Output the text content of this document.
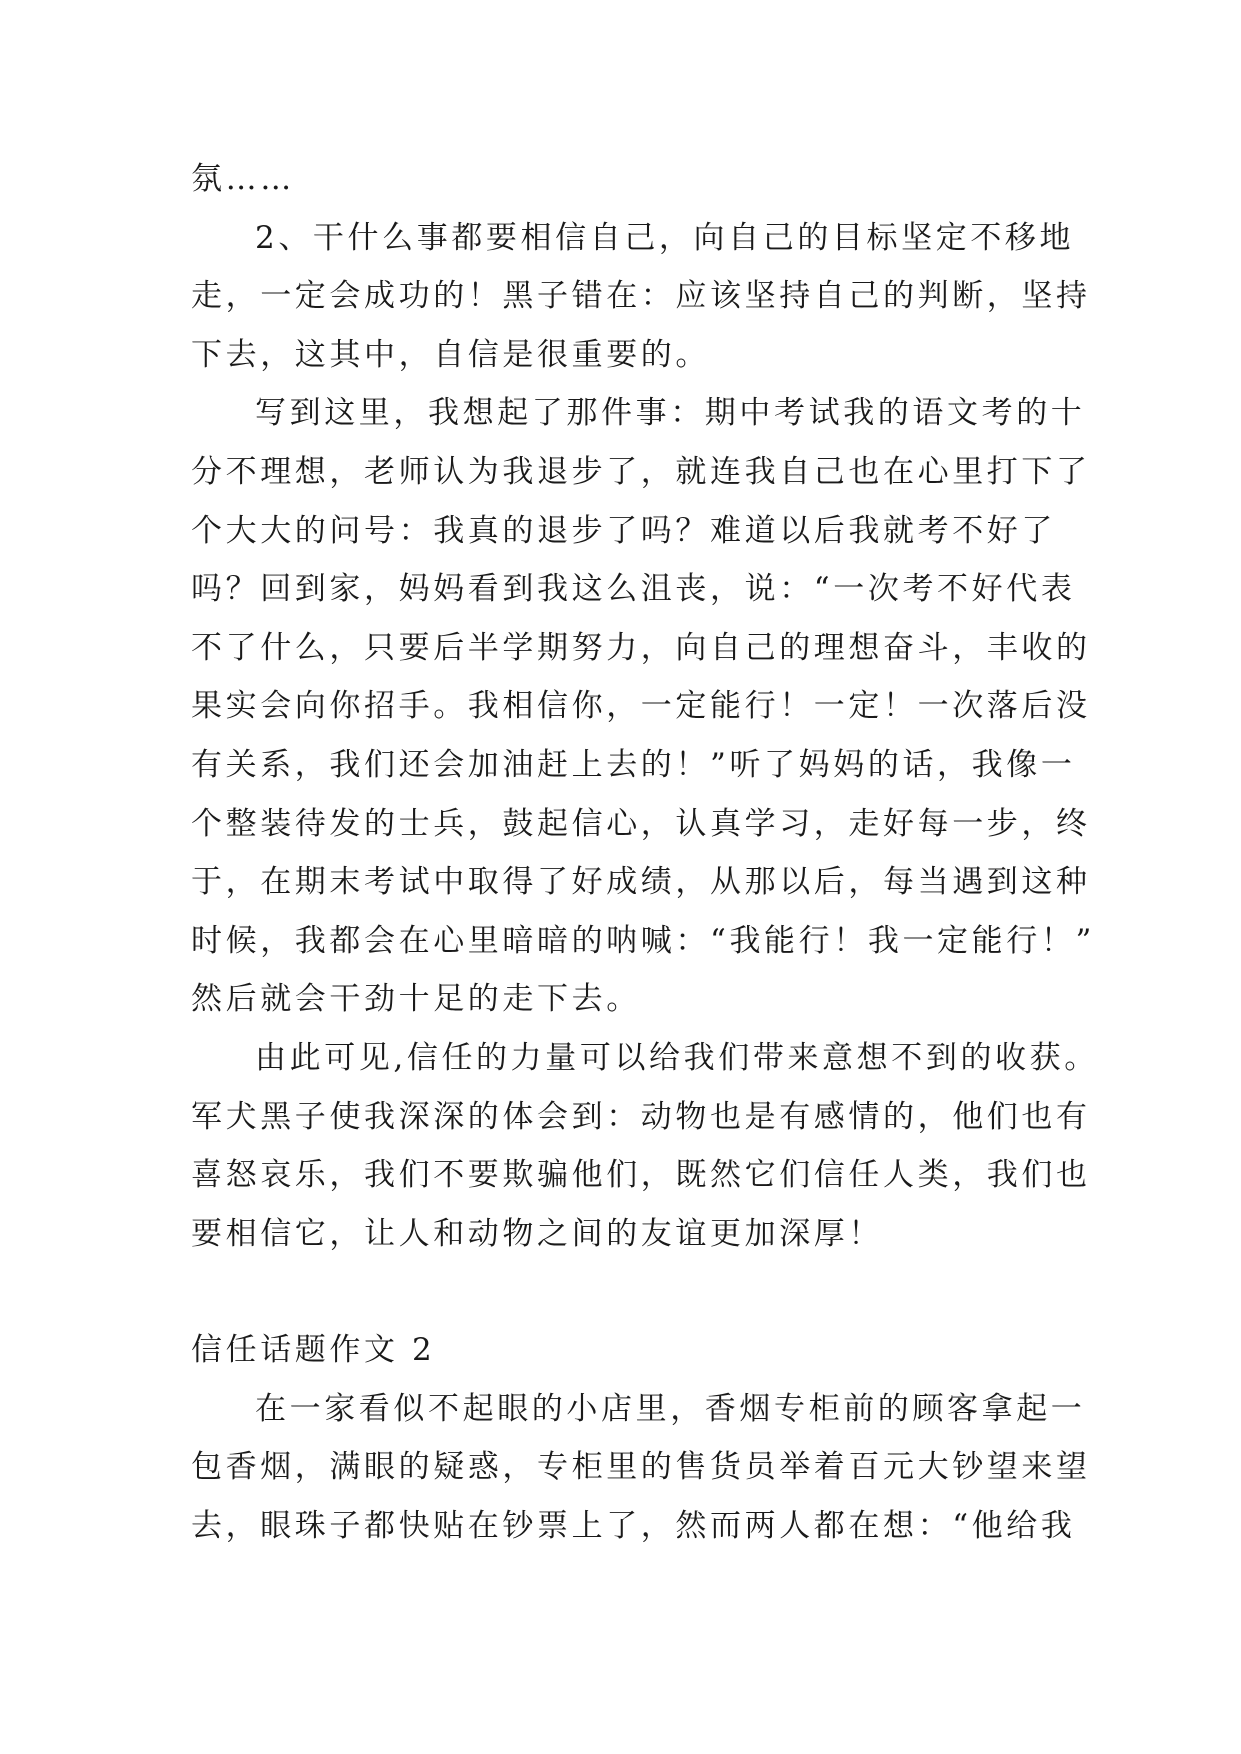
氛……
2、干什么事都要相信自己，向自己的目标坚定不移地
走，一定会成功的！黑子错在：应该坚持自己的判断，坚持
下去，这其中，自信是很重要的。
写到这里，我想起了那件事：期中考试我的语文考的十
分不理想，老师认为我退步了，就连我自己也在心里打下了
个大大的问号：我真的退步了吗？难道以后我就考不好了
吗？回到家，妈妈看到我这么沮丧，说：“一次考不好代表
不了什么，只要后半学期努力，向自己的理想奋斗，丰收的
果实会向你招手。我相信你，一定能行！一定！一次落后没
有关系，我们还会加油赶上去的！”听了妈妈的话，我像一
个整装待发的士兵，鼓起信心，认真学习，走好每一步，终
于，在期末考试中取得了好成绩，从那以后，每当遇到这种
时候，我都会在心里暗暗的呐喊：“我能行！我一定能行！”
然后就会干劲十足的走下去。
由此可见,信任的力量可以给我们带来意想不到的收获。
军犬黑子使我深深的体会到：动物也是有感情的，他们也有
喜怒哀乐，我们不要欺骗他们，既然它们信任人类，我们也
要相信它，让人和动物之间的友谊更加深厚！
信任话题作文 2
在一家看似不起眼的小店里，香烟专柜前的顾客拿起一
包香烟，满眼的疑惑，专柜里的售货员举着百元大钞望来望
去，眼珠子都快贴在钞票上了，然而两人都在想：“他给我
